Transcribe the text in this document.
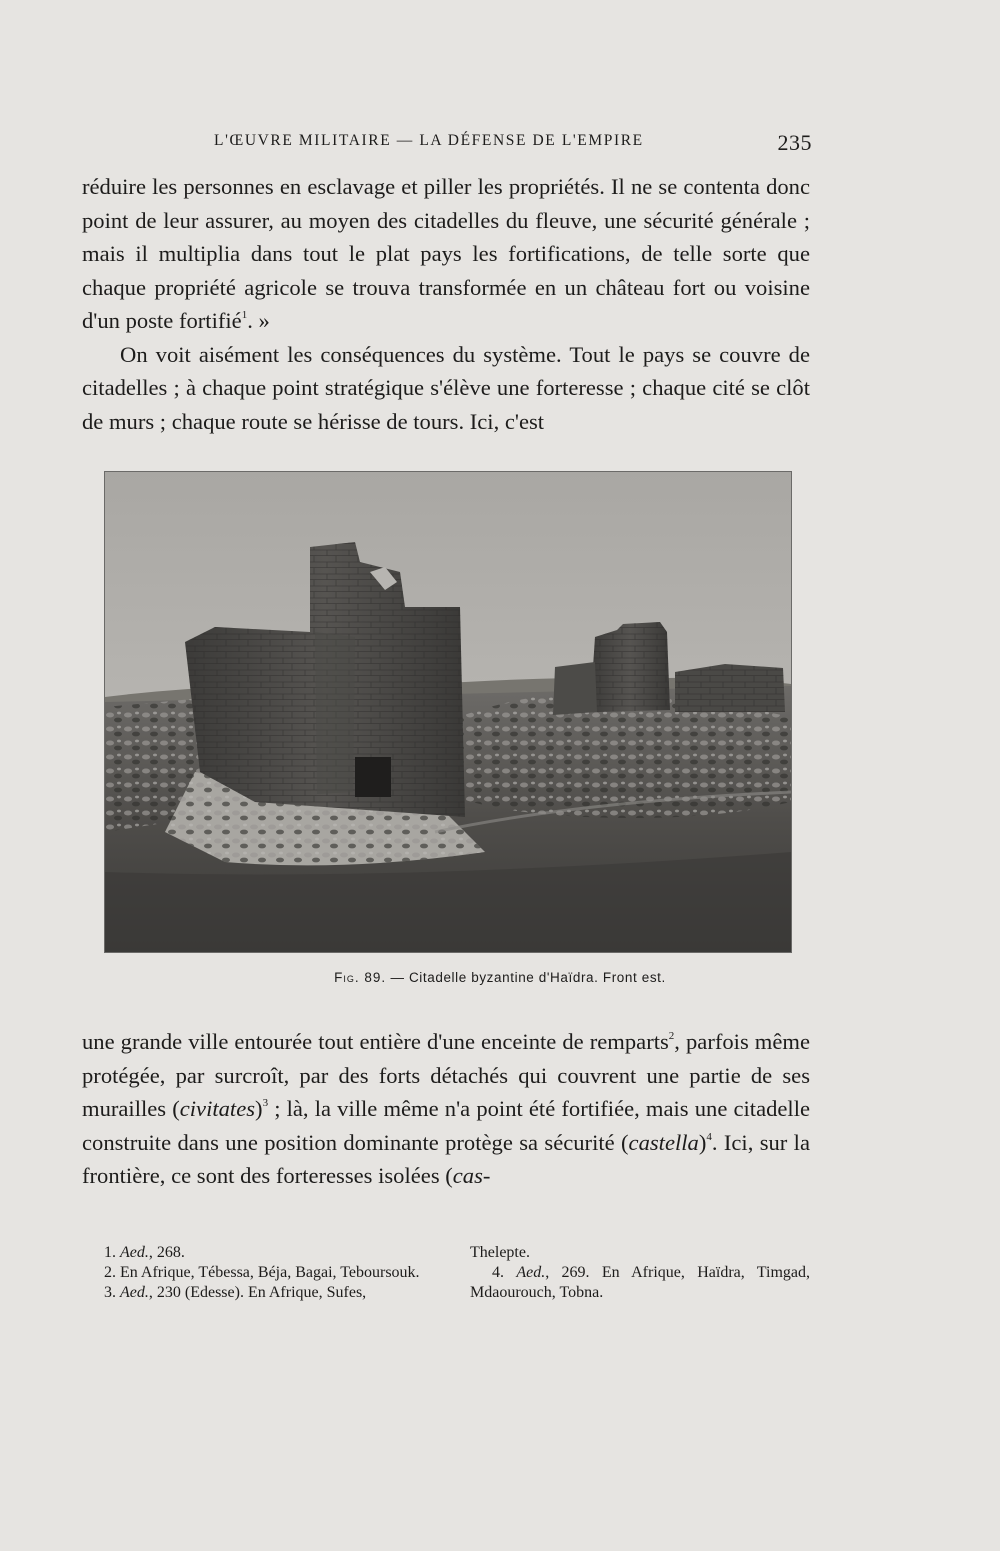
L'ŒUVRE MILITAIRE — LA DÉFENSE DE L'EMPIRE	235

réduire les personnes en esclavage et piller les propriétés. Il ne se contenta donc point de leur assurer, au moyen des citadelles du fleuve, une sécurité générale ; mais il multiplia dans tout le plat pays les fortifications, de telle sorte que chaque propriété agricole se trouva transformée en un château fort ou voisine d'un poste fortifié$^1$. »

On voit aisément les conséquences du système. Tout le pays se couvre de citadelles ; à chaque point stratégique s'élève une forteresse ; chaque cité se clôt de murs ; chaque route se hérisse de tours. Ici, c'est

Fig. 89. — Citadelle byzantine d'Haïdra. Front est.

une grande ville entourée tout entière d'une enceinte de remparts$^2$, parfois même protégée, par surcroît, par des forts détachés qui couvrent une partie de ses murailles (civitates)$^3$ ; là, la ville même n'a point été fortifiée, mais une citadelle construite dans une position dominante protège sa sécurité (castella)$^4$. Ici, sur la frontière, ce sont des forteresses isolées (cas-

1. Aed., 268.

2. En Afrique, Tébessa, Béja, Bagai, Teboursouk.

3. Aed., 230 (Edesse). En Afrique, Sufes,

Thelepte.

4. Aed., 269. En Afrique, Haïdra, Timgad, Mdaourouch, Tobna.
